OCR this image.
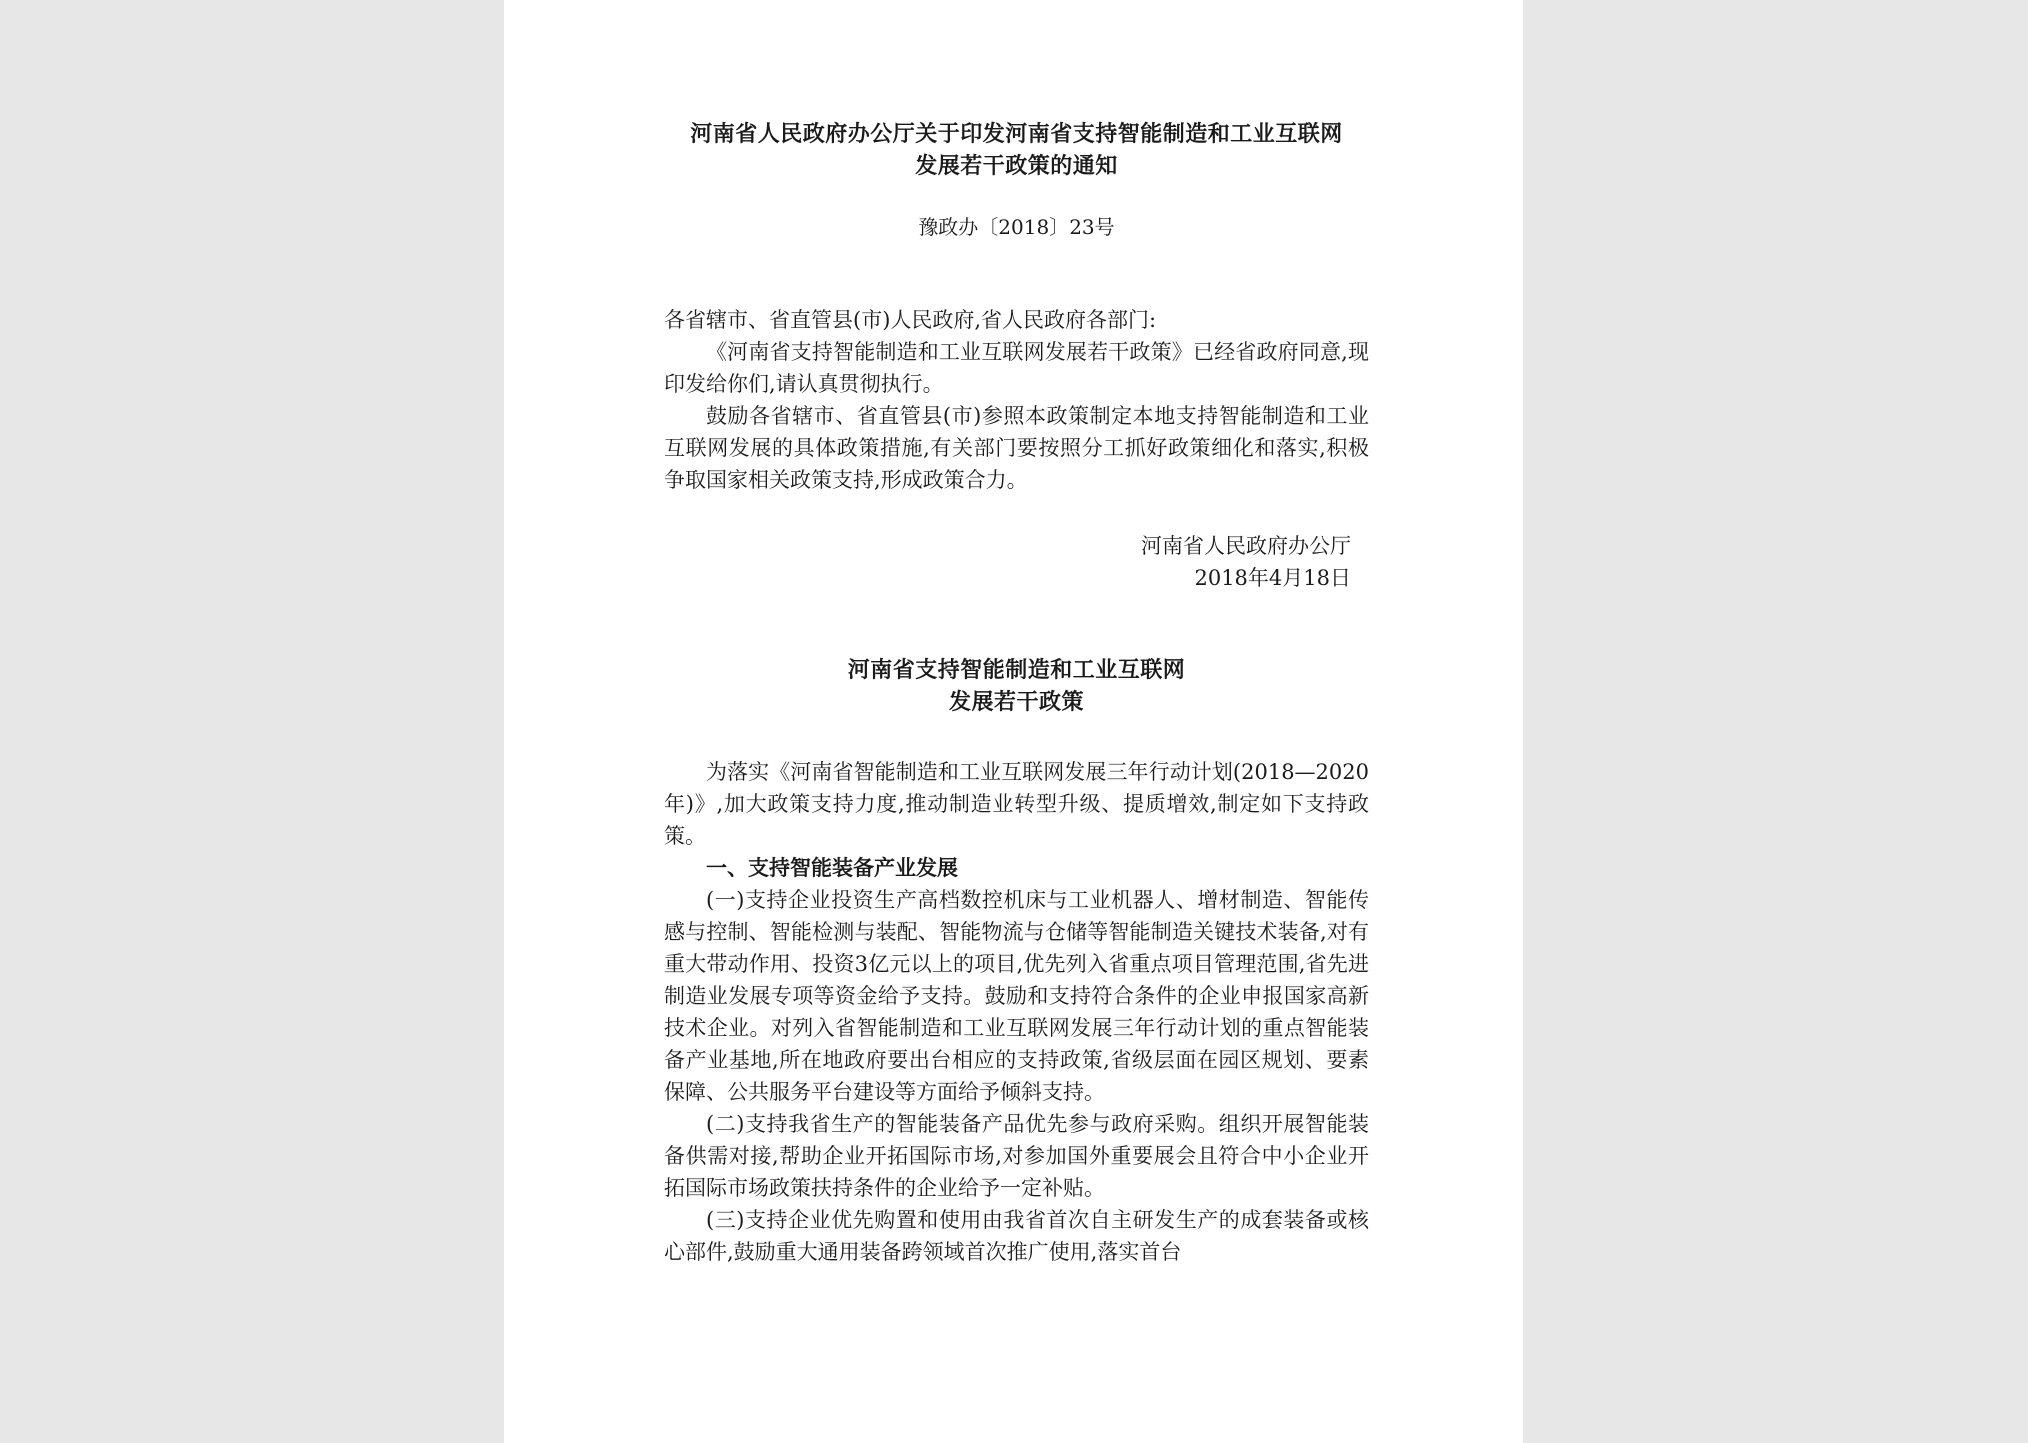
河南省人民政府办公厅关于印发河南省支持智能制造和工业互联网
发展若干政策的通知

豫政办〔2018〕23号

各省辖市、省直管县(市)人民政府,省人民政府各部门:

《河南省支持智能制造和工业互联网发展若干政策》已经省政府同意,现印发给你们,请认真贯彻执行。

鼓励各省辖市、省直管县(市)参照本政策制定本地支持智能制造和工业互联网发展的具体政策措施,有关部门要按照分工抓好政策细化和落实,积极争取国家相关政策支持,形成政策合力。

河南省人民政府办公厅
2018年4月18日
河南省支持智能制造和工业互联网
发展若干政策

为落实《河南省智能制造和工业互联网发展三年行动计划(2018—2020年)》,加大政策支持力度,推动制造业转型升级、提质增效,制定如下支持政策。

一、支持智能装备产业发展

(一)支持企业投资生产高档数控机床与工业机器人、增材制造、智能传感与控制、智能检测与装配、智能物流与仓储等智能制造关键技术装备,对有重大带动作用、投资3亿元以上的项目,优先列入省重点项目管理范围,省先进制造业发展专项等资金给予支持。鼓励和支持符合条件的企业申报国家高新技术企业。对列入省智能制造和工业互联网发展三年行动计划的重点智能装备产业基地,所在地政府要出台相应的支持政策,省级层面在园区规划、要素保障、公共服务平台建设等方面给予倾斜支持。

(二)支持我省生产的智能装备产品优先参与政府采购。组织开展智能装备供需对接,帮助企业开拓国际市场,对参加国外重要展会且符合中小企业开拓国际市场政策扶持条件的企业给予一定补贴。

(三)支持企业优先购置和使用由我省首次自主研发生产的成套装备或核心部件,鼓励重大通用装备跨领域首次推广使用,落实首台
